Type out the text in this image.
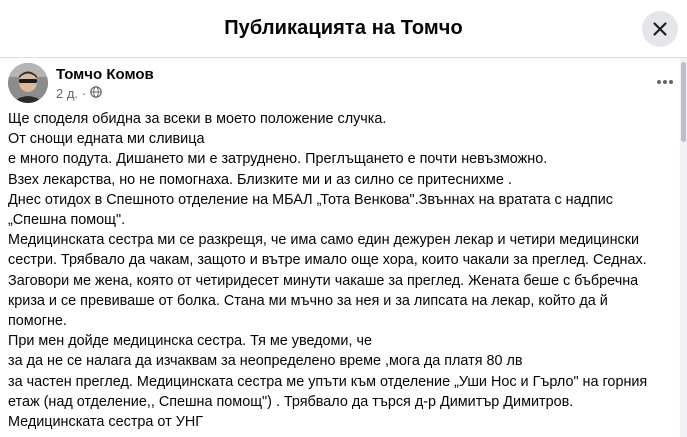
Публикацията на Томчо
Томчо Комов
2 д. ·
Ще споделя обидна за всеки в моето положение случка.
От снощи едната ми сливица
е много подута. Дишането ми е затруднено. Преглъщането е почти невъзможно.
Взех лекарства, но не помогнаха. Близките ми и аз силно се притеснихме .
Днес отидох в Спешното отделение на МБАЛ „Тота Венкова".Звъннах на вратата с надпис
„Спешна помощ".
Медицинската сестра ми се разкрещя, че има само един дежурен лекар и четири медицински
сестри. Трябвало да чакам, защото и вътре имало още хора, които чакали за преглед. Седнах.
Заговори ме жена, която от четиридесет минути чакаше за преглед. Жената беше с бъбречна
криза и се превиваше от болка. Стана ми мъчно за нея и за липсата на лекар, който да й
помогне.
При мен дойде медицинска сестра. Тя ме уведоми, че
за да не се налага да изчаквам за неопределено време ,мога да платя 80 лв
за частен преглед. Медицинската сестра ме упъти към отделение „Уши Нос и Гърло" на горния
етаж (над отделение,, Спешна помощ") . Трябвало да търся д-р Димитър Димитров.
Медицинската сестра от УНГ
